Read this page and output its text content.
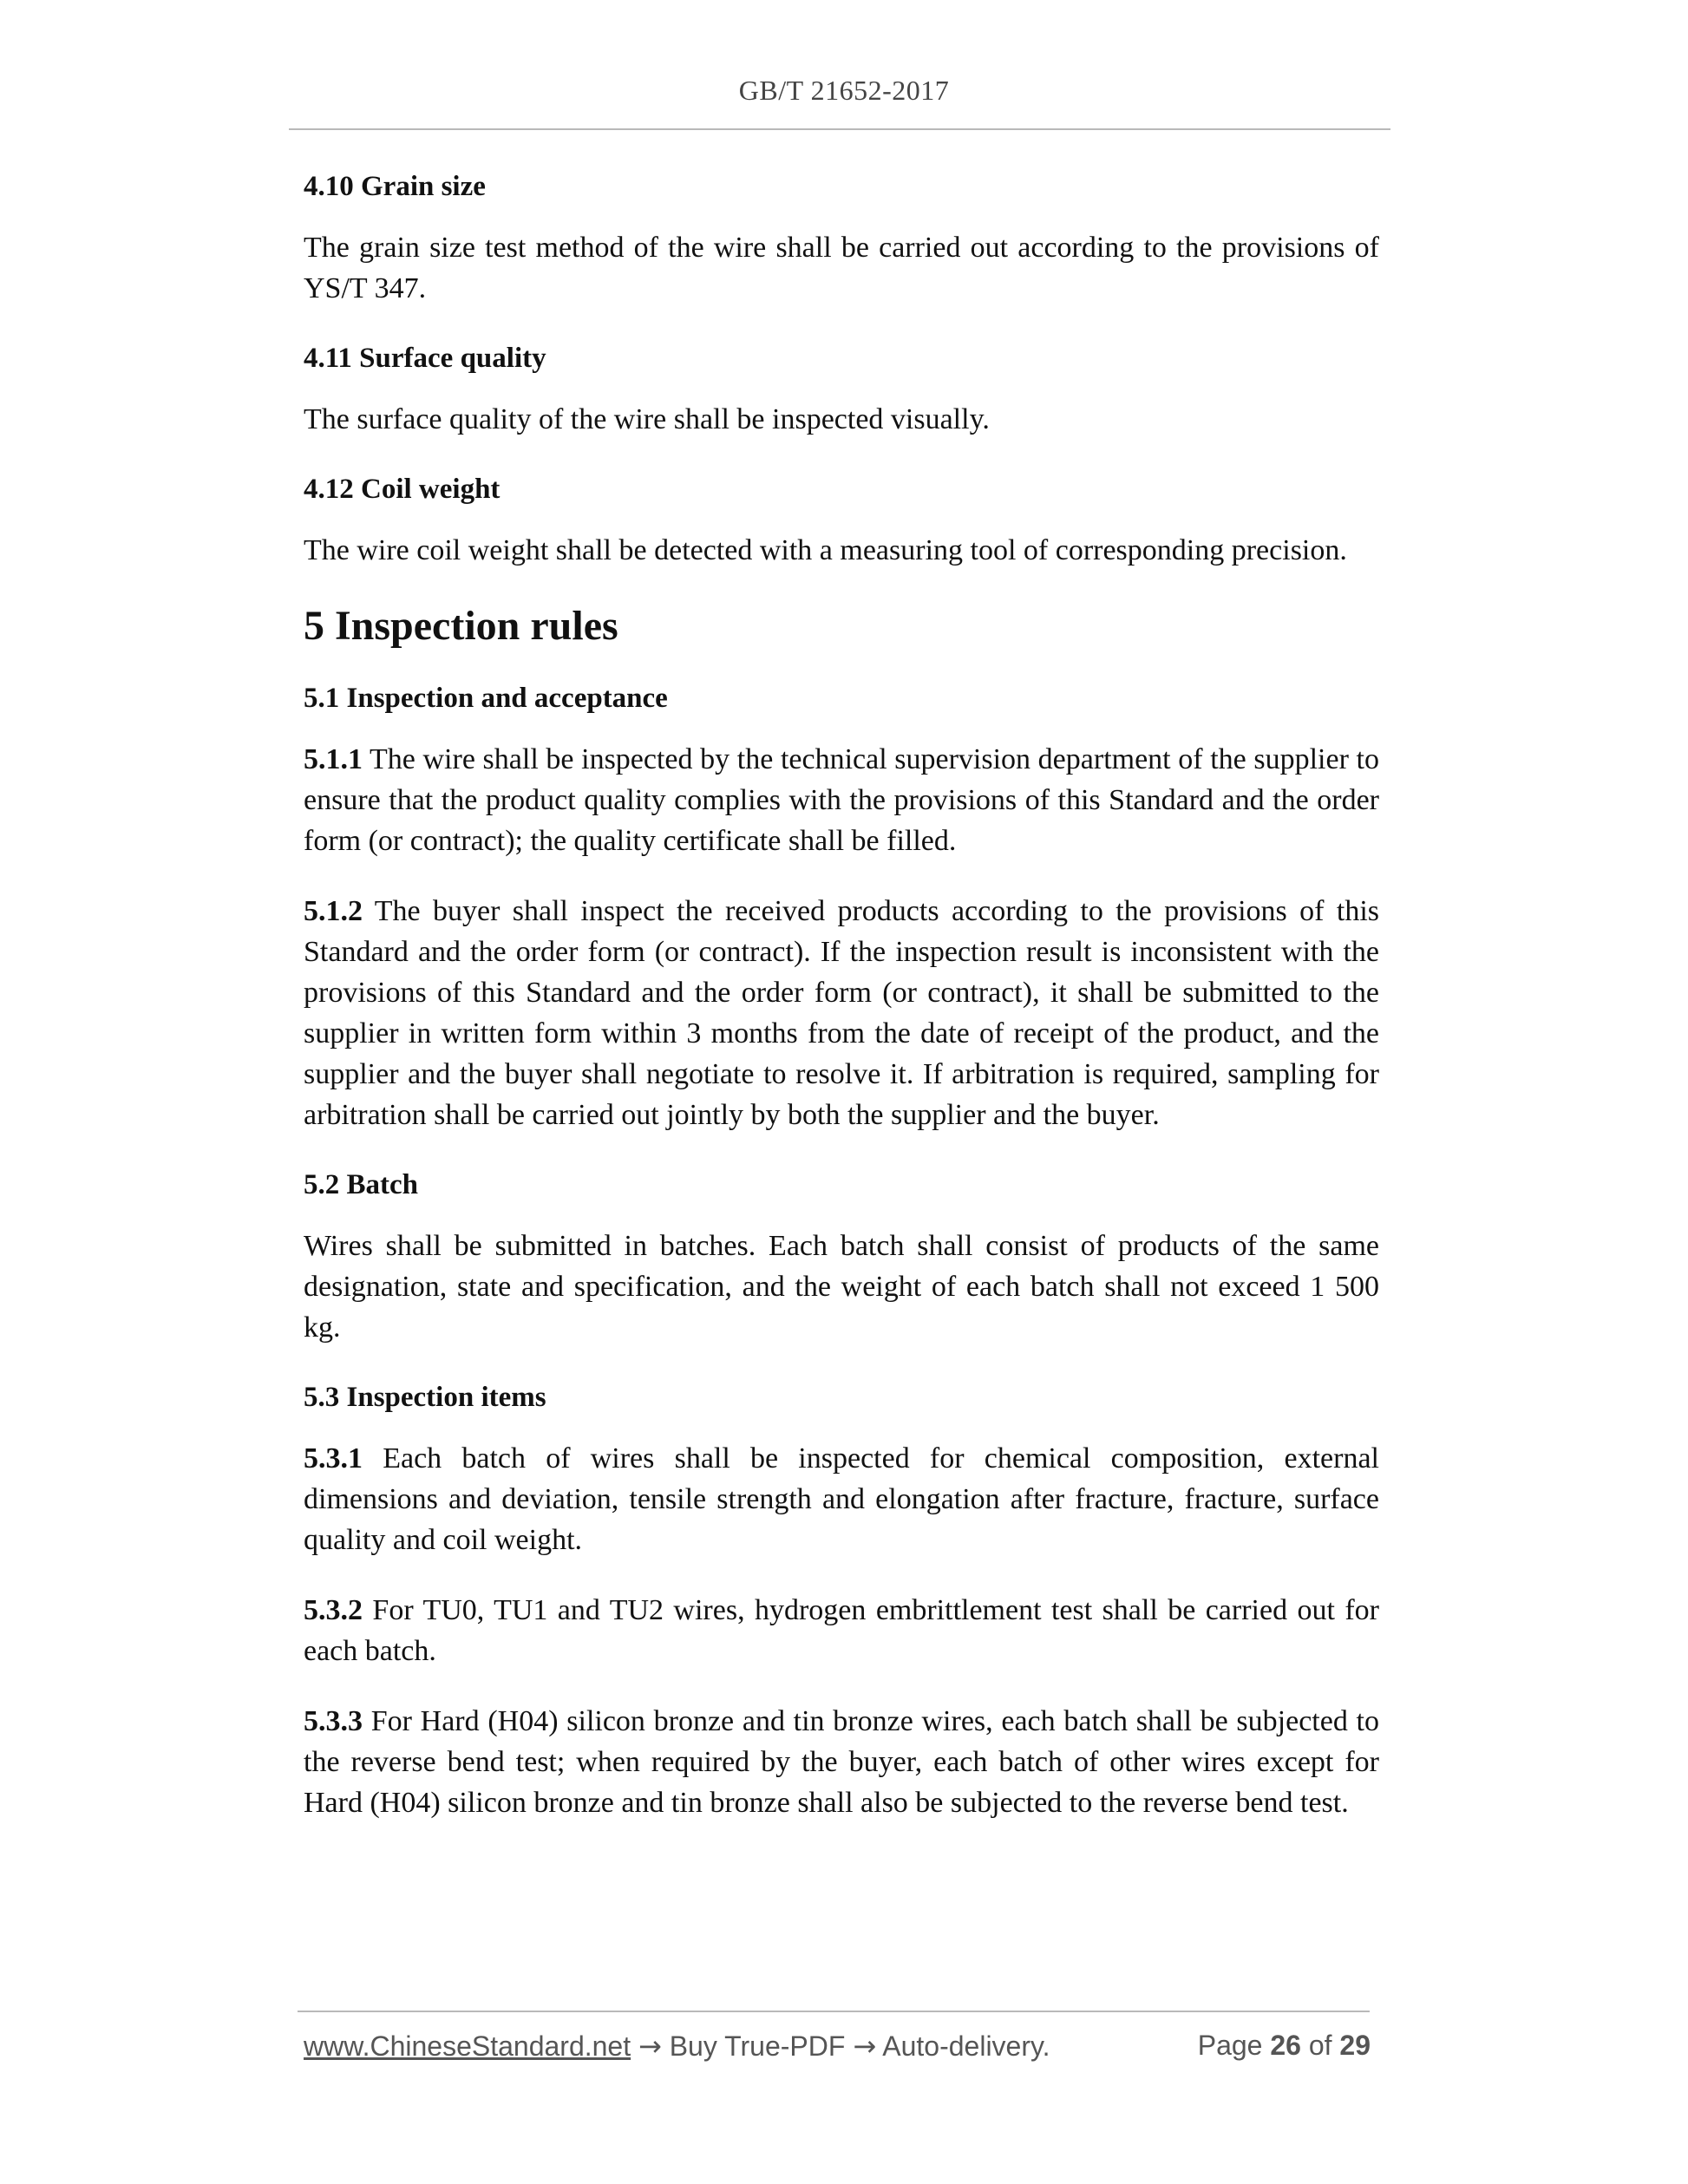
GB/T 21652-2017
4.10 Grain size

The grain size test method of the wire shall be carried out according to the provisions of YS/T 347.

4.11 Surface quality

The surface quality of the wire shall be inspected visually.

4.12 Coil weight

The wire coil weight shall be detected with a measuring tool of corresponding precision.

5 Inspection rules
5.1 Inspection and acceptance

5.1.1 The wire shall be inspected by the technical supervision department of the supplier to ensure that the product quality complies with the provisions of this Standard and the order form (or contract); the quality certificate shall be filled.

5.1.2 The buyer shall inspect the received products according to the provisions of this Standard and the order form (or contract). If the inspection result is inconsistent with the provisions of this Standard and the order form (or contract), it shall be submitted to the supplier in written form within 3 months from the date of receipt of the product, and the supplier and the buyer shall negotiate to resolve it. If arbitration is required, sampling for arbitration shall be carried out jointly by both the supplier and the buyer.

5.2 Batch

Wires shall be submitted in batches. Each batch shall consist of products of the same designation, state and specification, and the weight of each batch shall not exceed 1 500 kg.

5.3 Inspection items

5.3.1 Each batch of wires shall be inspected for chemical composition, external dimensions and deviation, tensile strength and elongation after fracture, fracture, surface quality and coil weight.

5.3.2 For TU0, TU1 and TU2 wires, hydrogen embrittlement test shall be carried out for each batch.

5.3.3 For Hard (H04) silicon bronze and tin bronze wires, each batch shall be subjected to the reverse bend test; when required by the buyer, each batch of other wires except for Hard (H04) silicon bronze and tin bronze shall also be subjected to the reverse bend test.

www.ChineseStandard.net → Buy True-PDF → Auto-delivery.	Page 26 of 29
